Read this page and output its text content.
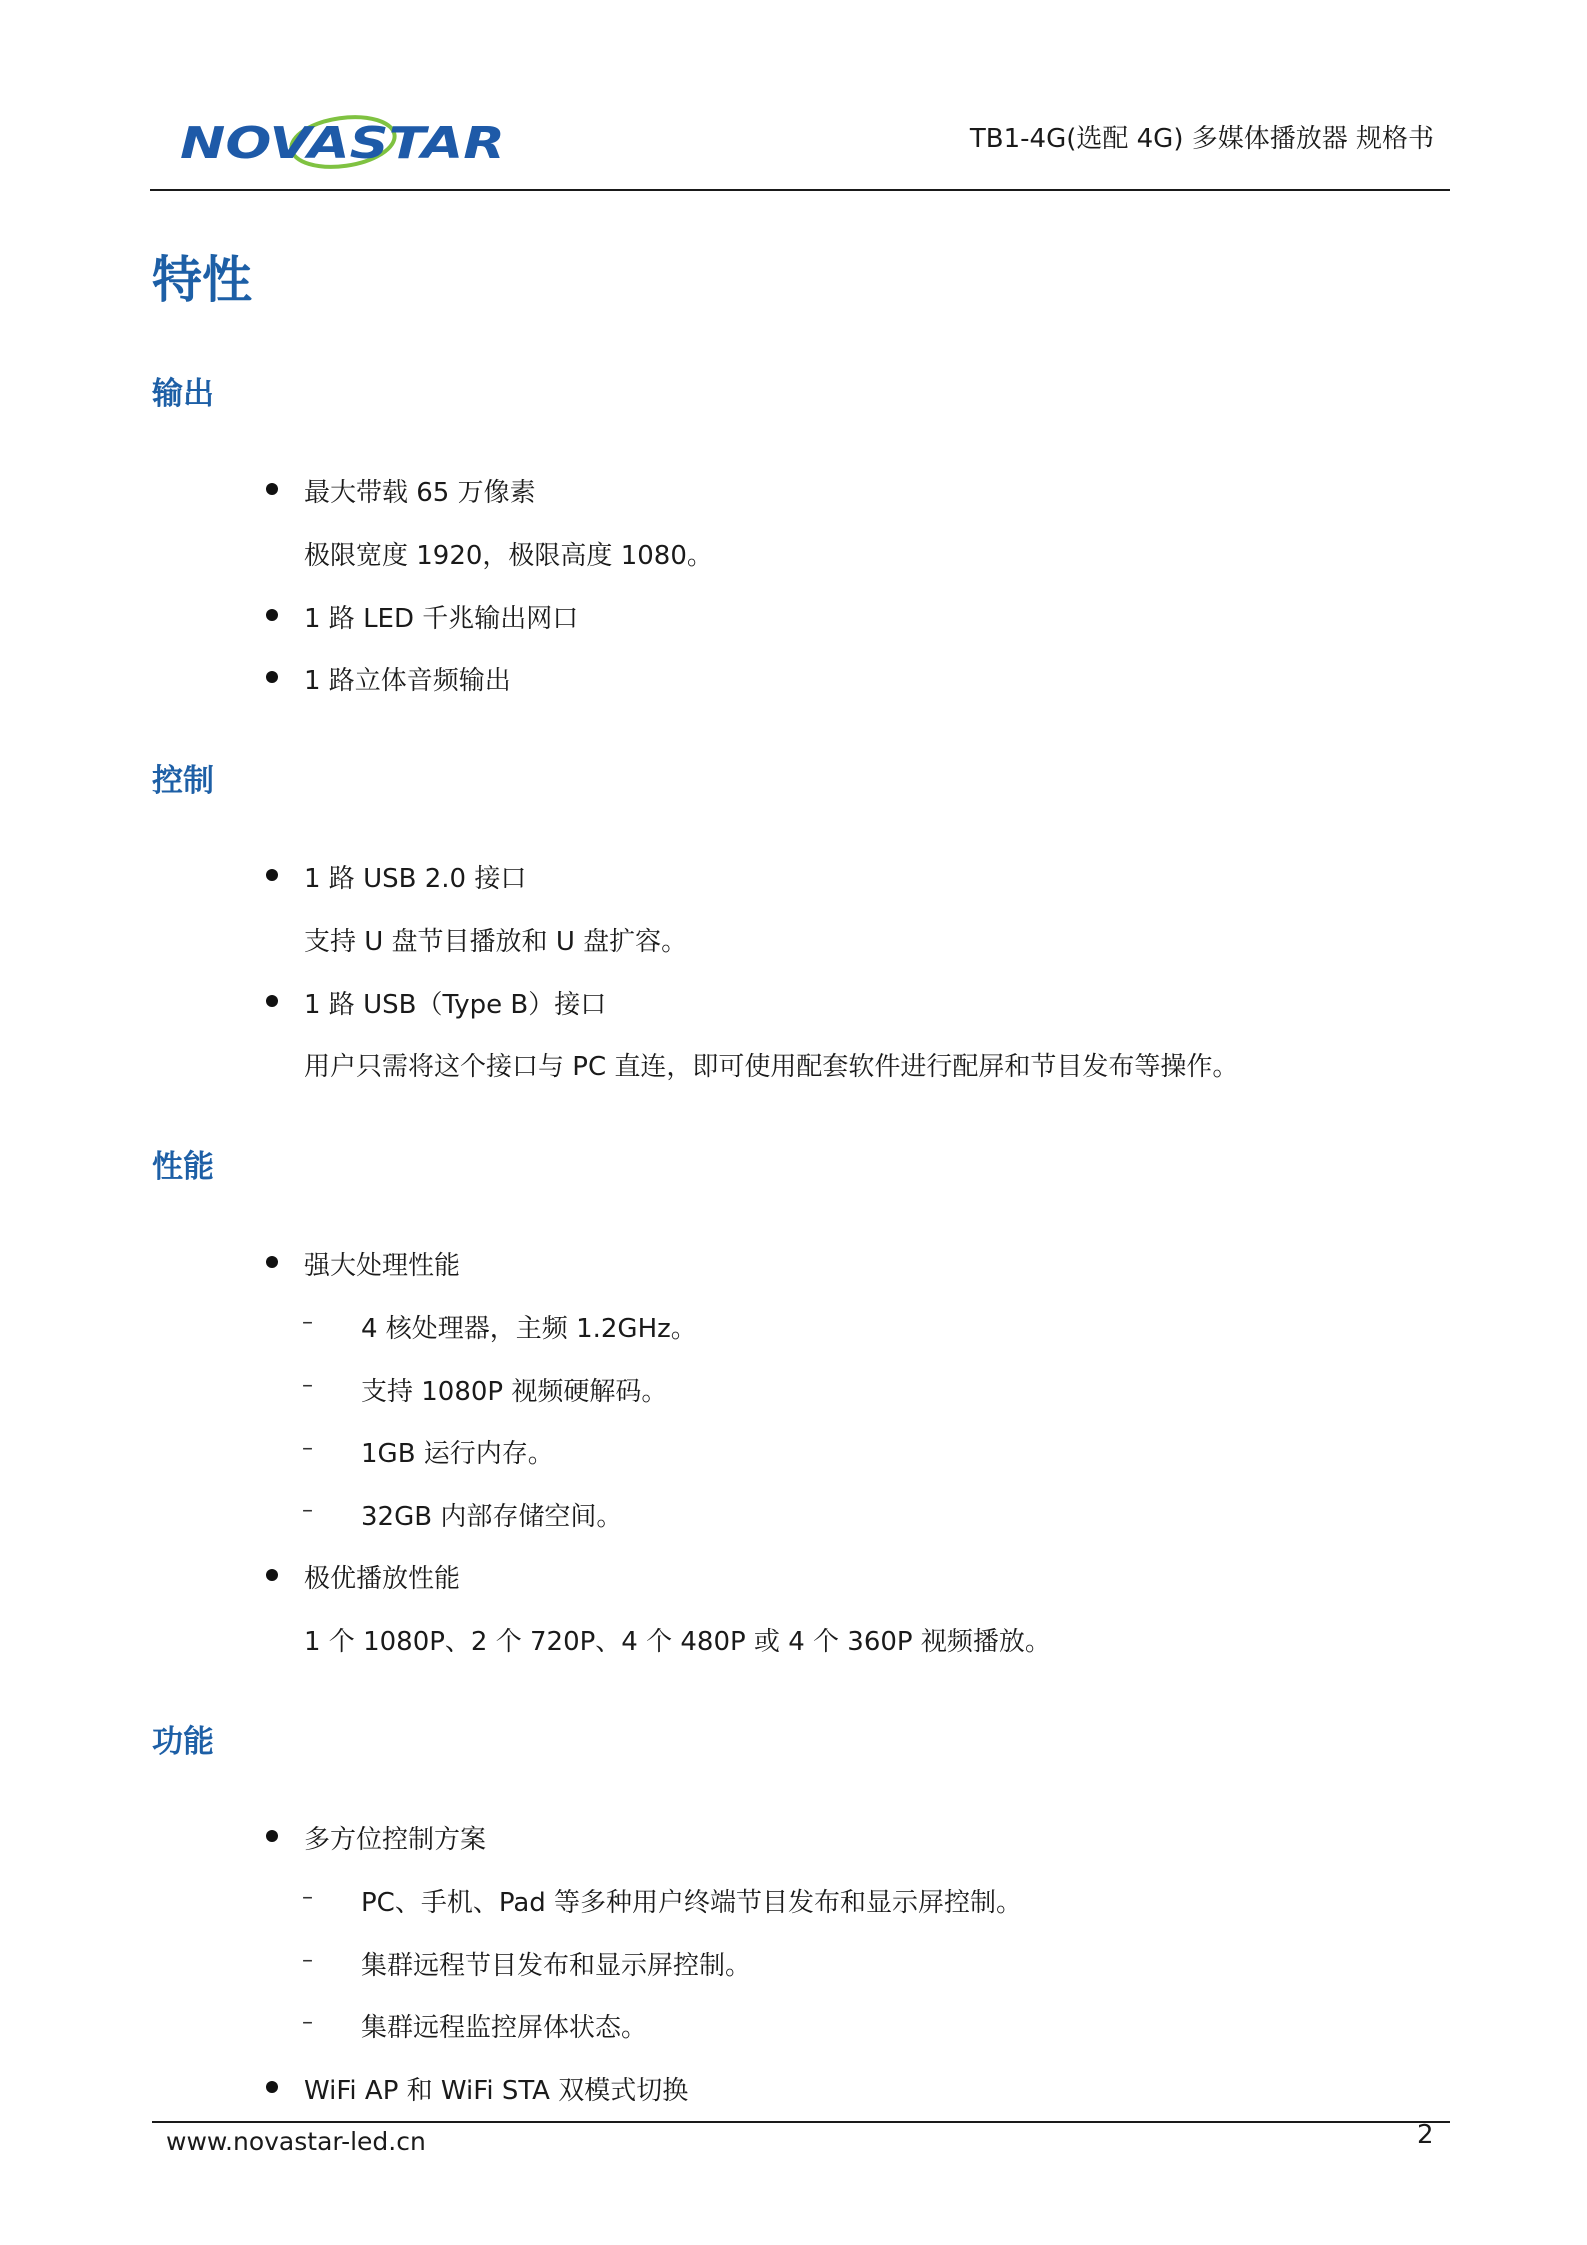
NOVASTAR	TB1-4G(选配 4G) 多媒体播放器 规格书
特性
输出
最大带载 65 万像素
极限宽度 1920，极限高度 1080。
1 路 LED 千兆输出网口
1 路立体音频输出
控制
1 路 USB 2.0 接口
支持 U 盘节目播放和 U 盘扩容。
1 路 USB（Type B）接口
用户只需将这个接口与 PC 直连，即可使用配套软件进行配屏和节目发布等操作。
性能
强大处理性能
– 4 核处理器，主频 1.2GHz。
– 支持 1080P 视频硬解码。
– 1GB 运行内存。
– 32GB 内部存储空间。
极优播放性能
1 个 1080P、2 个 720P、4 个 480P 或 4 个 360P 视频播放。
功能
多方位控制方案
– PC、手机、Pad 等多种用户终端节目发布和显示屏控制。
– 集群远程节目发布和显示屏控制。
– 集群远程监控屏体状态。
WiFi AP 和 WiFi STA 双模式切换
www.novastar-led.cn	2
